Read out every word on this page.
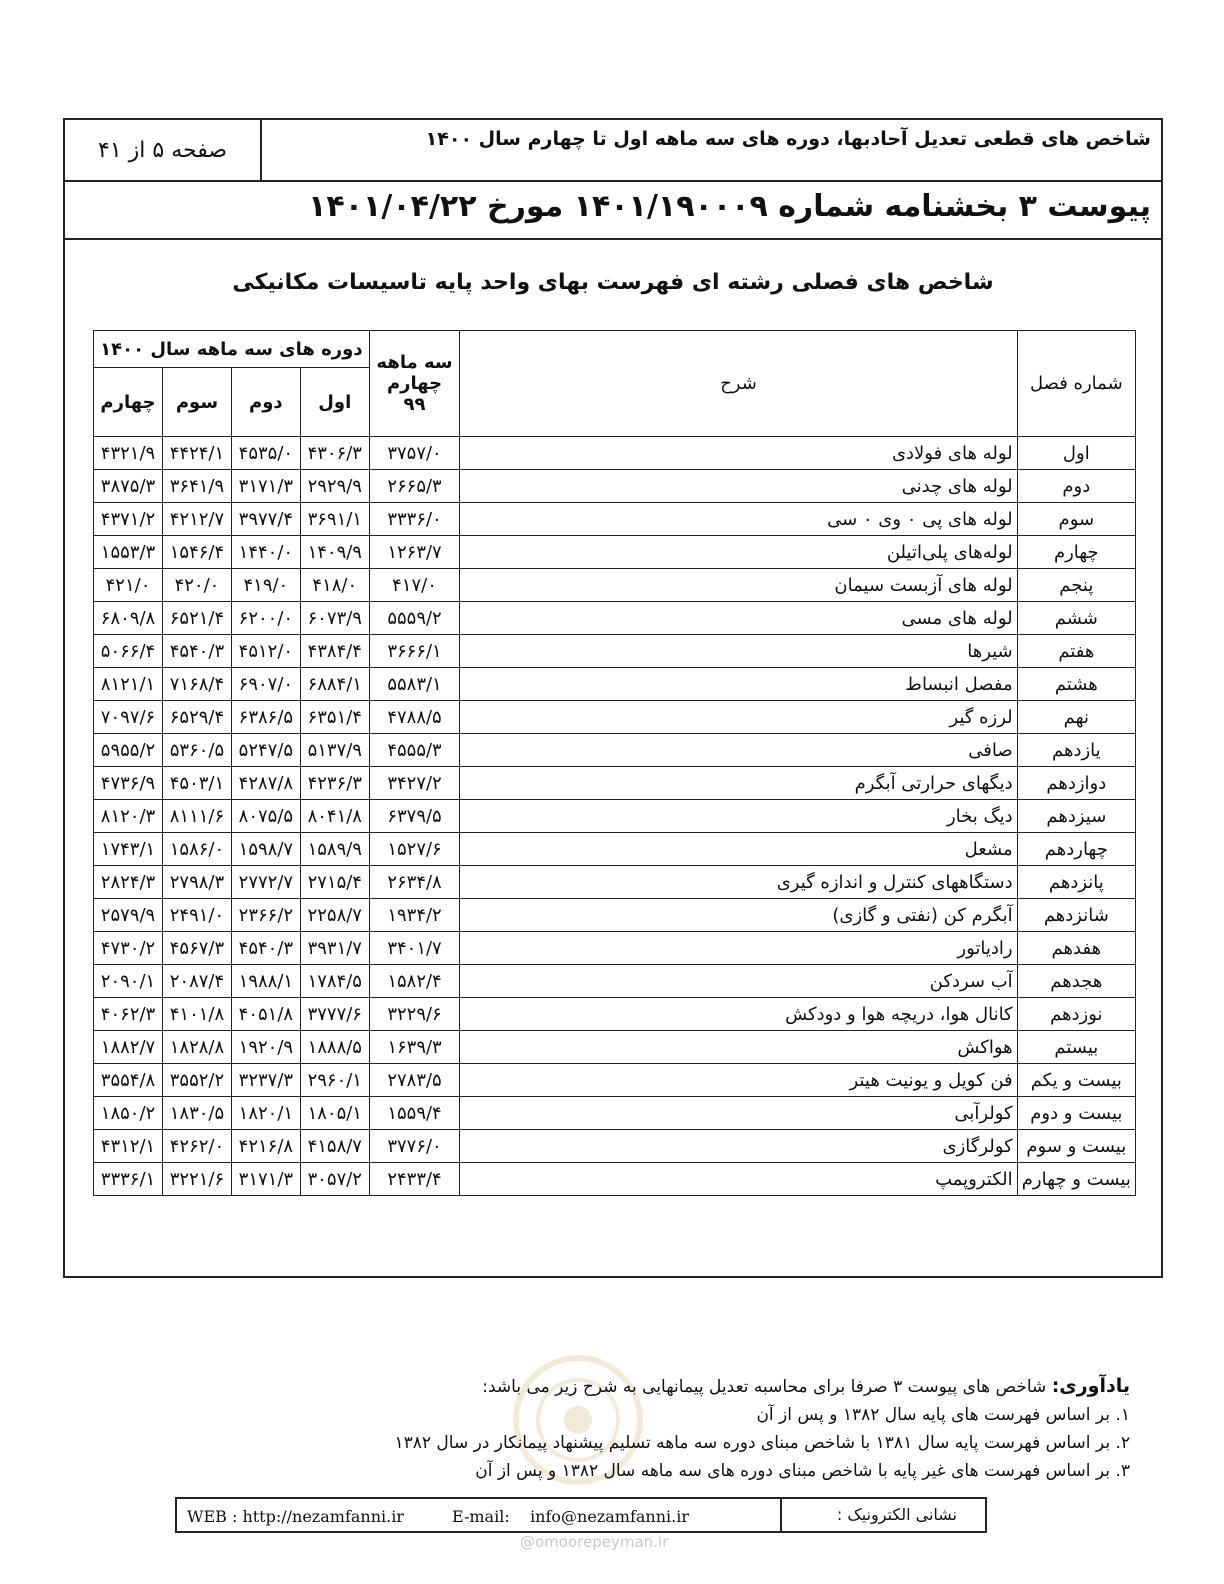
شاخص های قطعی تعدیل آحادبها، دوره های سه ماهه اول تا چهارم سال ۱۴۰۰
صفحه ۵ از ۴۱
پیوست ۳ بخشنامه شماره ۱۴۰۱/۱۹۰۰۰۹ مورخ ۱۴۰۱/۰۴/۲۲
شاخص های فصلی رشته ای فهرست بهای واحد پایه تاسیسات مکانیکی
شماره فصل	شرح	سه ماهه چهارم ۹۹	دوره های سه ماهه سال ۱۴۰۰			
			اول	دوم	سوم	چهارم
اول	لوله های فولادی	۳۷۵۷/۰	۴۳۰۶/۳	۴۵۳۵/۰	۴۴۲۴/۱	۴۳۲۱/۹
دوم	لوله های چدنی	۲۶۶۵/۳	۲۹۲۹/۹	۳۱۷۱/۳	۳۶۴۱/۹	۳۸۷۵/۳
سوم	لوله های پی ٠ وی ٠ سی	۳۳۳۶/۰	۳۶۹۱/۱	۳۹۷۷/۴	۴۲۱۲/۷	۴۳۷۱/۲
چهارم	لوله‌های پلی‌اتیلن	۱۲۶۳/۷	۱۴۰۹/۹	۱۴۴۰/۰	۱۵۴۶/۴	۱۵۵۳/۳
پنجم	لوله های آزبست سیمان	۴۱۷/۰	۴۱۸/۰	۴۱۹/۰	۴۲۰/۰	۴۲۱/۰
ششم	لوله های مسی	۵۵۵۹/۲	۶۰۷۳/۹	۶۲۰۰/۰	۶۵۲۱/۴	۶۸۰۹/۸
هفتم	شیرها	۳۶۶۶/۱	۴۳۸۴/۴	۴۵۱۲/۰	۴۵۴۰/۳	۵۰۶۶/۴
هشتم	مفصل انبساط	۵۵۸۳/۱	۶۸۸۴/۱	۶۹۰۷/۰	۷۱۶۸/۴	۸۱۲۱/۱
نهم	لرزه گیر	۴۷۸۸/۵	۶۳۵۱/۴	۶۳۸۶/۵	۶۵۲۹/۴	۷۰۹۷/۶
یازدهم	صافی	۴۵۵۵/۳	۵۱۳۷/۹	۵۲۴۷/۵	۵۳۶۰/۵	۵۹۵۵/۲
دوازدهم	دیگهای حرارتی آبگرم	۳۴۲۷/۲	۴۲۳۶/۳	۴۲۸۷/۸	۴۵۰۳/۱	۴۷۳۶/۹
سیزدهم	دیگ بخار	۶۳۷۹/۵	۸۰۴۱/۸	۸۰۷۵/۵	۸۱۱۱/۶	۸۱۲۰/۳
چهاردهم	مشعل	۱۵۲۷/۶	۱۵۸۹/۹	۱۵۹۸/۷	۱۵۸۶/۰	۱۷۴۳/۱
پانزدهم	دستگاههای کنترل و اندازه گیری	۲۶۳۴/۸	۲۷۱۵/۴	۲۷۷۲/۷	۲۷۹۸/۳	۲۸۲۴/۳
شانزدهم	آبگرم کن (نفتی و گازی)	۱۹۳۴/۲	۲۲۵۸/۷	۲۳۶۶/۲	۲۴۹۱/۰	۲۵۷۹/۹
هفدهم	رادیاتور	۳۴۰۱/۷	۳۹۳۱/۷	۴۵۴۰/۳	۴۵۶۷/۳	۴۷۳۰/۲
هجدهم	آب سردکن	۱۵۸۲/۴	۱۷۸۴/۵	۱۹۸۸/۱	۲۰۸۷/۴	۲۰۹۰/۱
نوزدهم	کانال هوا، دریچه هوا و دودکش	۳۲۲۹/۶	۳۷۷۷/۶	۴۰۵۱/۸	۴۱۰۱/۸	۴۰۶۲/۳
بیستم	هواکش	۱۶۳۹/۳	۱۸۸۸/۵	۱۹۲۰/۹	۱۸۲۸/۸	۱۸۸۲/۷
بیست و یکم	فن کویل و یونیت هیتر	۲۷۸۳/۵	۲۹۶۰/۱	۳۲۳۷/۳	۳۵۵۲/۲	۳۵۵۴/۸
بیست و دوم	کولرآبی	۱۵۵۹/۴	۱۸۰۵/۱	۱۸۲۰/۱	۱۸۳۰/۵	۱۸۵۰/۲
بیست و سوم	کولرگازی	۳۷۷۶/۰	۴۱۵۸/۷	۴۲۱۶/۸	۴۲۶۲/۰	۴۳۱۲/۱
بیست و چهارم	الکتروپمپ	۲۴۳۳/۴	۳۰۵۷/۲	۳۱۷۱/۳	۳۲۲۱/۶	۳۳۳۶/۱
@omoorepeyman.ir
یادآوری: شاخص های پیوست ۳ صرفا برای محاسبه تعدیل پیمانهایی به شرح زیر می باشد:
۱. بر اساس فهرست های پایه سال ۱۳۸۲ و پس از آن
۲. بر اساس فهرست پایه سال ۱۳۸۱ با شاخص مبنای دوره سه ماهه تسلیم پیشنهاد پیمانکار در سال ۱۳۸۲
۳. بر اساس فهرست های غیر پایه با شاخص مبنای دوره های سه ماهه سال ۱۳۸۲ و پس از آن
WEB : http://nezamfanni.ir	E-mail: info@nezamfanni.ir	نشانی الکترونیک :
